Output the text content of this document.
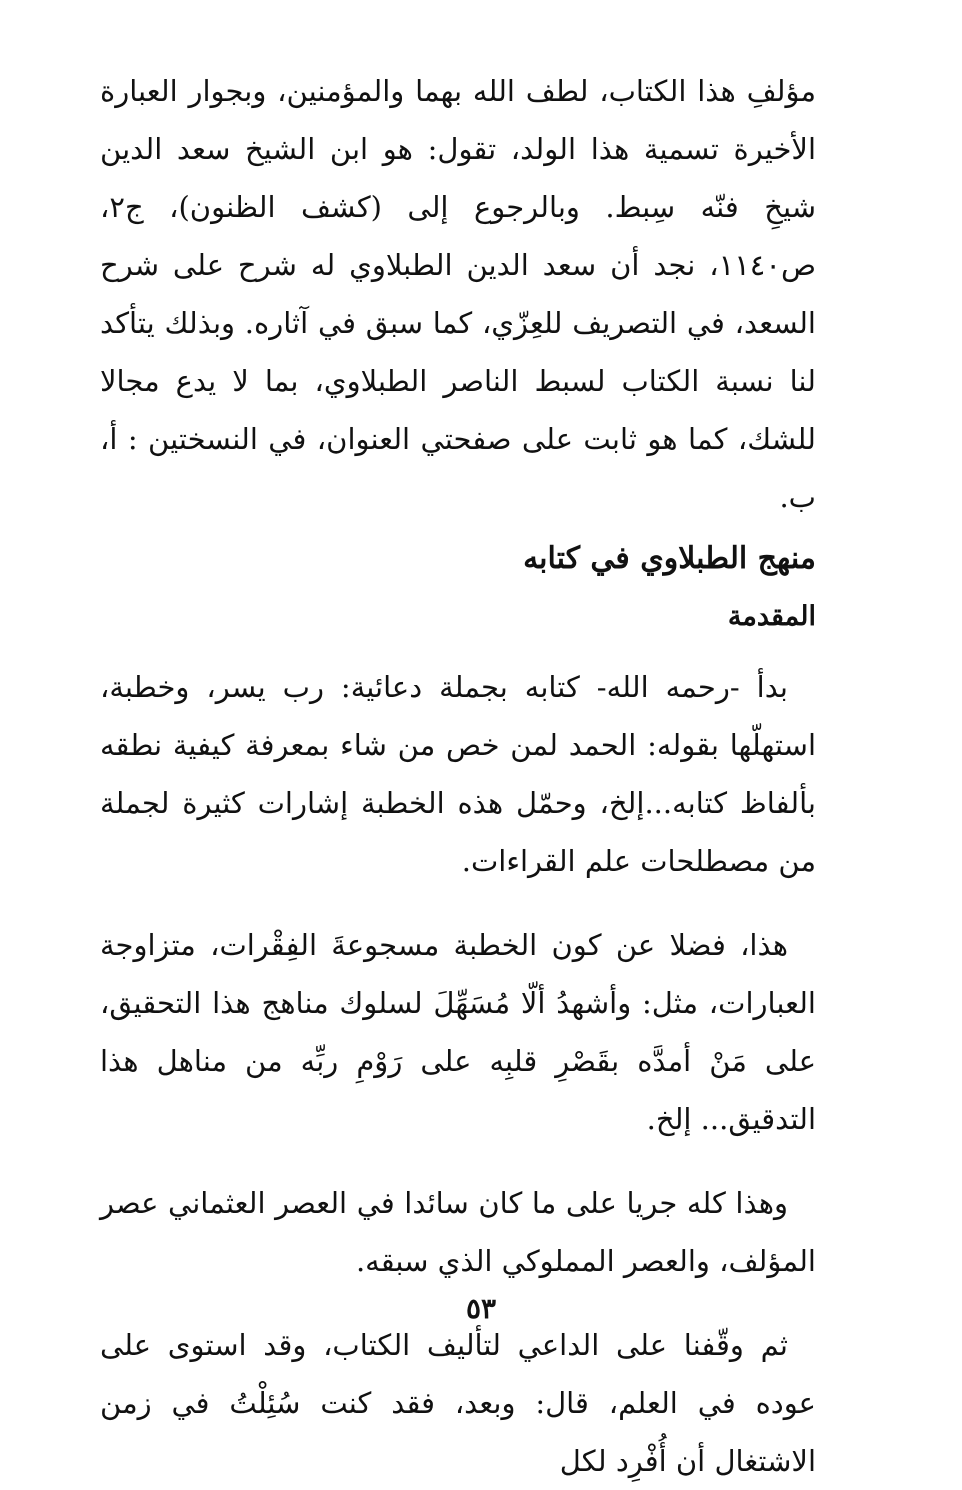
مؤلفِ هذا الكتاب، لطف الله بهما والمؤمنين، وبجوار العبارة الأخيرة تسمية هذا الولد، تقول: هو ابن الشيخ سعد الدين شيخِ فنّه سِبط. وبالرجوع إلى (كشف الظنون)، ج٢، ص١١٤٠، نجد أن سعد الدين الطبلاوي له شرح على شرح السعد، في التصريف للعِزّي، كما سبق في آثاره. وبذلك يتأكد لنا نسبة الكتاب لسبط الناصر الطبلاوي، بما لا يدع مجالا للشك، كما هو ثابت على صفحتي العنوان، في النسختين : أ، ب.

منهج الطبلاوي في كتابه
المقدمة

بدأ -رحمه الله- كتابه بجملة دعائية: رب يسر، وخطبة، استهلّها بقوله: الحمد لمن خص من شاء بمعرفة كيفية نطقه بألفاظ كتابه...إلخ، وحمّل هذه الخطبة إشارات كثيرة لجملة من مصطلحات علم القراءات.

هذا، فضلا عن كون الخطبة مسجوعةَ الفِقْرات، متزاوجة العبارات، مثل: وأشهدُ ألّا مُسَهِّلَ لسلوك مناهج هذا التحقيق، على مَنْ أمدَّه بقَصْرِ قلبِه على رَوْمِ ربِّه من مناهل هذا التدقيق... إلخ.

وهذا كله جريا على ما كان سائدا في العصر العثماني عصر المؤلف، والعصر المملوكي الذي سبقه.

ثم وقّفنا على الداعي لتأليف الكتاب، وقد استوى على عوده في العلم، قال: وبعد، فقد كنت سُئِلْتُ في زمن الاشتغال أن أُفْرِد لكل

٥٣
